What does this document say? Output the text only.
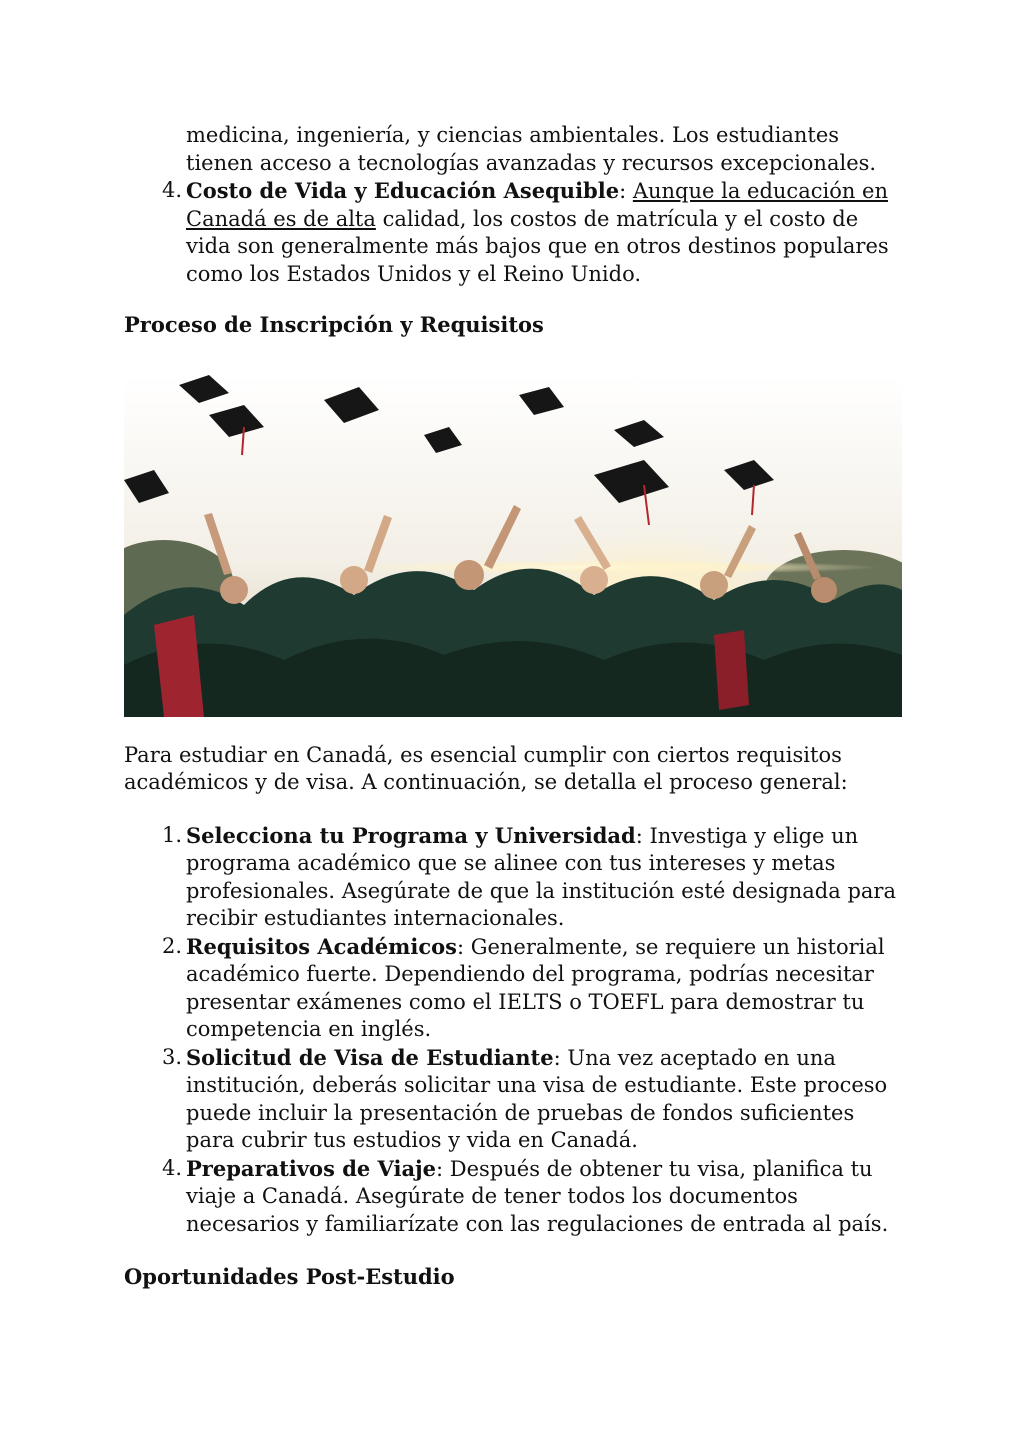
medicina, ingeniería, y ciencias ambientales. Los estudiantes
tienen acceso a tecnologías avanzadas y recursos excepcionales.
4. Costo de Vida y Educación Asequible: Aunque la educación en Canadá es de alta calidad, los costos de matrícula y el costo de vida son generalmente más bajos que en otros destinos populares como los Estados Unidos y el Reino Unido.
Proceso de Inscripción y Requisitos

Para estudiar en Canadá, es esencial cumplir con ciertos requisitos académicos y de visa. A continuación, se detalla el proceso general:

1. Selecciona tu Programa y Universidad: Investiga y elige un programa académico que se alinee con tus intereses y metas profesionales. Asegúrate de que la institución esté designada para recibir estudiantes internacionales.
2. Requisitos Académicos: Generalmente, se requiere un historial académico fuerte. Dependiendo del programa, podrías necesitar presentar exámenes como el IELTS o TOEFL para demostrar tu competencia en inglés.
3. Solicitud de Visa de Estudiante: Una vez aceptado en una institución, deberás solicitar una visa de estudiante. Este proceso puede incluir la presentación de pruebas de fondos suficientes para cubrir tus estudios y vida en Canadá.
4. Preparativos de Viaje: Después de obtener tu visa, planifica tu viaje a Canadá. Asegúrate de tener todos los documentos necesarios y familiarízate con las regulaciones de entrada al país.
Oportunidades Post-Estudio
